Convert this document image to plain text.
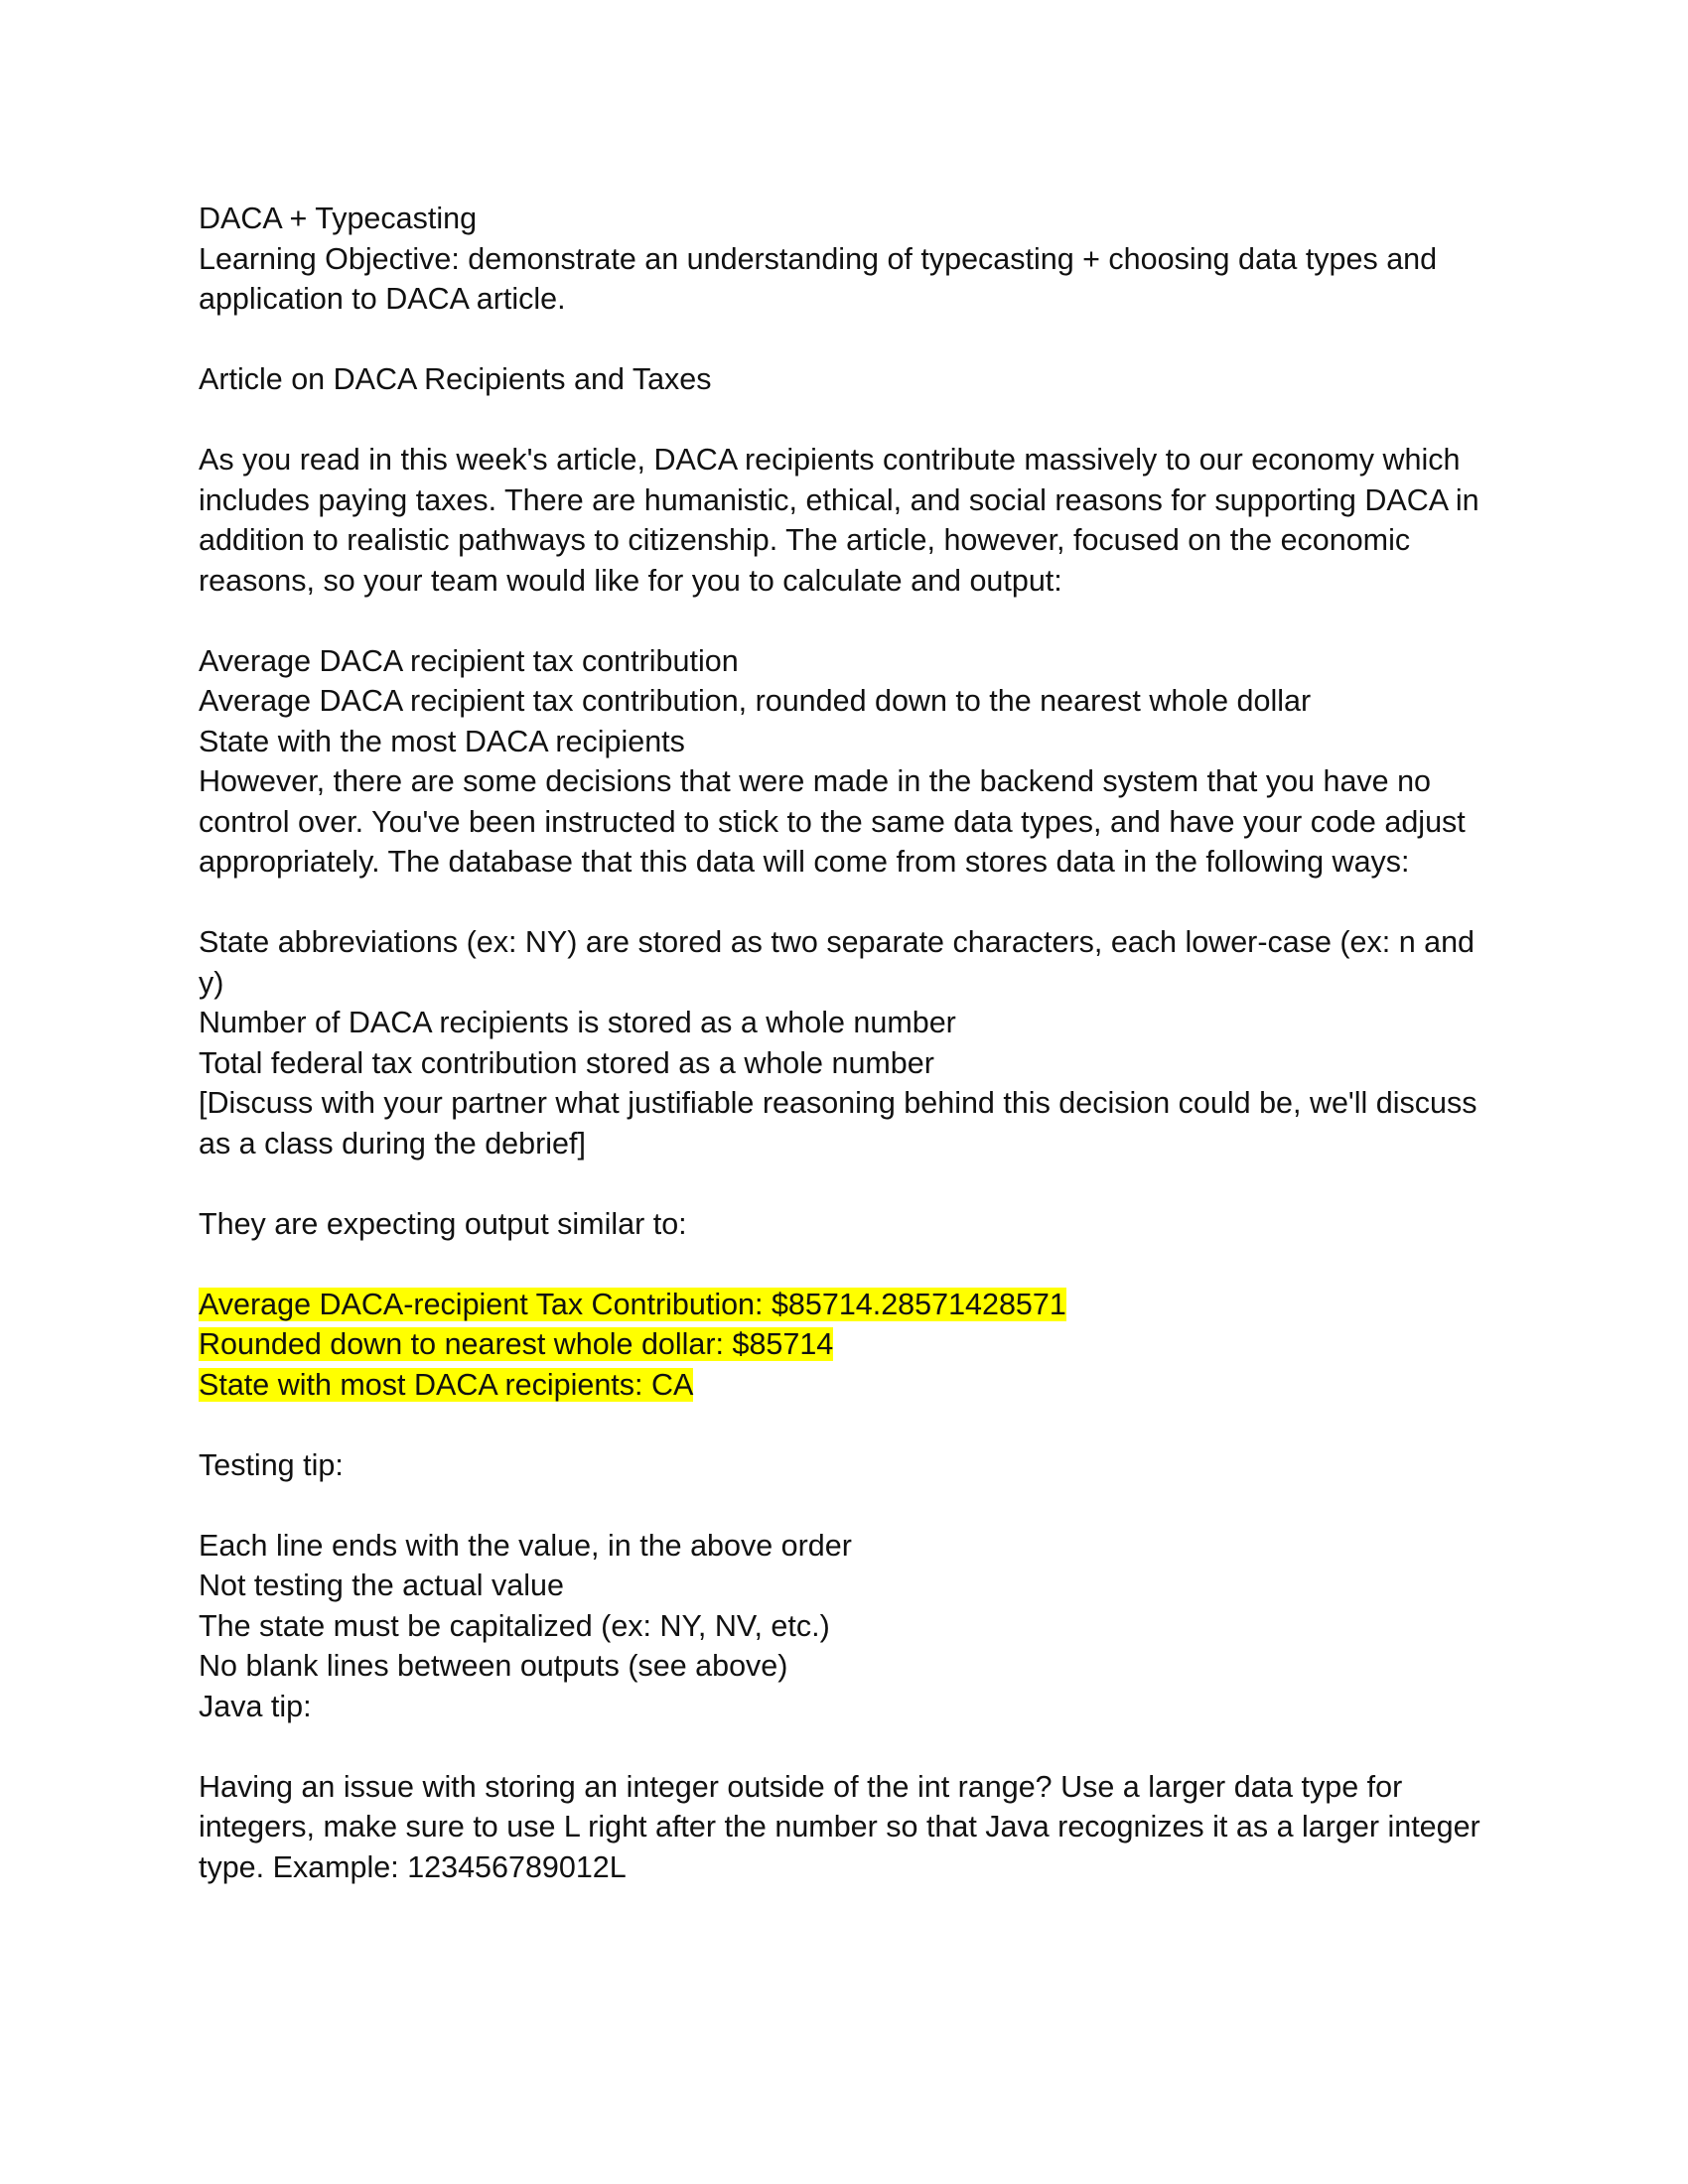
DACA + Typecasting

Learning Objective: demonstrate an understanding of typecasting + choosing data types and application to DACA article.

Article on DACA Recipients and Taxes

As you read in this week's article, DACA recipients contribute massively to our economy which includes paying taxes. There are humanistic, ethical, and social reasons for supporting DACA in addition to realistic pathways to citizenship. The article, however, focused on the economic reasons, so your team would like for you to calculate and output:

Average DACA recipient tax contribution

Average DACA recipient tax contribution, rounded down to the nearest whole dollar

State with the most DACA recipients

However, there are some decisions that were made in the backend system that you have no control over. You've been instructed to stick to the same data types, and have your code adjust appropriately. The database that this data will come from stores data in the following ways:

State abbreviations (ex: NY) are stored as two separate characters, each lower-case (ex: n and y)

Number of DACA recipients is stored as a whole number

Total federal tax contribution stored as a whole number

[Discuss with your partner what justifiable reasoning behind this decision could be, we'll discuss as a class during the debrief]

They are expecting output similar to:

Average DACA-recipient Tax Contribution: $85714.28571428571

Rounded down to nearest whole dollar: $85714

State with most DACA recipients: CA

Testing tip:

Each line ends with the value, in the above order

Not testing the actual value

The state must be capitalized (ex: NY, NV, etc.)

No blank lines between outputs (see above)

Java tip:

Having an issue with storing an integer outside of the int range? Use a larger data type for integers, make sure to use L right after the number so that Java recognizes it as a larger integer type. Example: 123456789012L
